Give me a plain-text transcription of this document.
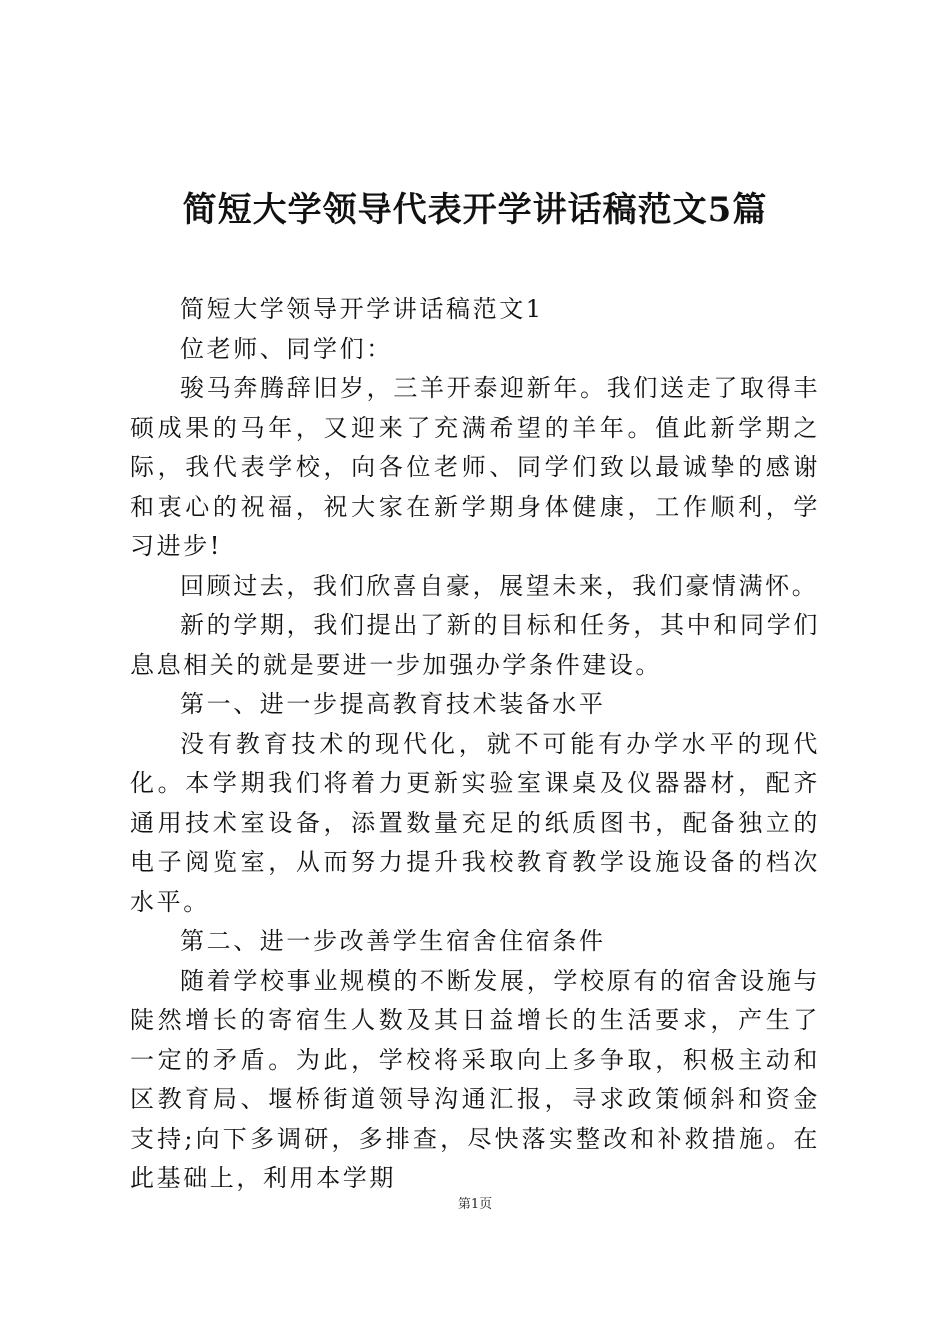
简短大学领导代表开学讲话稿范文5篇

简短大学领导开学讲话稿范文1

位老师、同学们：

骏马奔腾辞旧岁，三羊开泰迎新年。我们送走了取得丰硕成果的马年，又迎来了充满希望的羊年。值此新学期之际，我代表学校，向各位老师、同学们致以最诚挚的感谢和衷心的祝福，祝大家在新学期身体健康，工作顺利，学习进步!

回顾过去，我们欣喜自豪，展望未来，我们豪情满怀。

新的学期，我们提出了新的目标和任务，其中和同学们息息相关的就是要进一步加强办学条件建设。

第一、进一步提高教育技术装备水平

没有教育技术的现代化，就不可能有办学水平的现代化。本学期我们将着力更新实验室课桌及仪器器材，配齐通用技术室设备，添置数量充足的纸质图书，配备独立的电子阅览室，从而努力提升我校教育教学设施设备的档次水平。

第二、进一步改善学生宿舍住宿条件

随着学校事业规模的不断发展，学校原有的宿舍设施与陡然增长的寄宿生人数及其日益增长的生活要求，产生了一定的矛盾。为此，学校将采取向上多争取，积极主动和区教育局、堰桥街道领导沟通汇报，寻求政策倾斜和资金支持;向下多调研，多排查，尽快落实整改和补救措施。在此基础上，利用本学期

第1页
